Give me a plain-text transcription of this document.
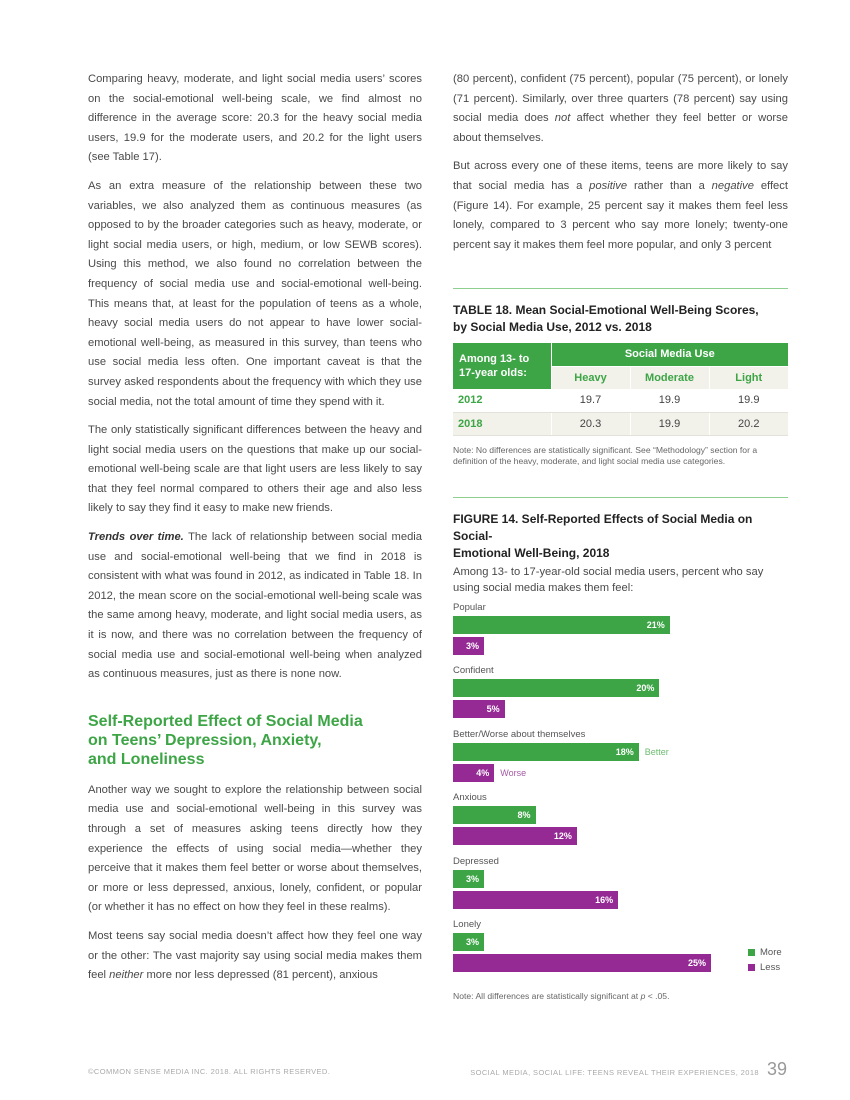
Comparing heavy, moderate, and light social media users’ scores on the social-emotional well-being scale, we find almost no difference in the average score: 20.3 for the heavy social media users, 19.9 for the moderate users, and 20.2 for the light users (see Table 17).

As an extra measure of the relationship between these two variables, we also analyzed them as continuous measures (as opposed to by the broader categories such as heavy, moderate, or light social media users, or high, medium, or low SEWB scores). Using this method, we also found no correlation between the frequency of social media use and social-emotional well-being. This means that, at least for the population of teens as a whole, heavy social media users do not appear to have lower social-emotional well-being, as measured in this survey, than teens who use social media less often. One important caveat is that the survey asked respondents about the frequency with which they use social media, not the total amount of time they spend with it.

The only statistically significant differences between the heavy and light social media users on the questions that make up our social-emotional well-being scale are that light users are less likely to say that they feel normal compared to others their age and also less likely to say they find it easy to make new friends.

Trends over time. The lack of relationship between social media use and social-emotional well-being that we find in 2018 is consistent with what was found in 2012, as indicated in Table 18. In 2012, the mean score on the social-emotional well-being scale was the same among heavy, moderate, and light social media users, as it is now, and there was no correlation between the frequency of social media use and social-emotional well-being when analyzed as continuous measures, just as there is none now.

Self-Reported Effect of Social Media
on Teens’ Depression, Anxiety,
and Loneliness

Another way we sought to explore the relationship between social media use and social-emotional well-being in this survey was through a set of measures asking teens directly how they experience the effects of using social media—whether they perceive that it makes them feel better or worse about themselves, or more or less depressed, anxious, lonely, confident, or popular (or whether it has no effect on how they feel in these realms).

Most teens say social media doesn’t affect how they feel one way or the other: The vast majority say using social media makes them feel neither more nor less depressed (81 percent), anxious

(80 percent), confident (75 percent), popular (75 percent), or lonely (71 percent). Similarly, over three quarters (78 percent) say using social media does not affect whether they feel better or worse about themselves.

But across every one of these items, teens are more likely to say that social media has a positive rather than a negative effect (Figure 14). For example, 25 percent say it makes them feel less lonely, compared to 3 percent who say more lonely; twenty-one percent say it makes them feel more popular, and only 3 percent

TABLE 18. Mean Social-Emotional Well-Being Scores,
by Social Media Use, 2012 vs. 2018
Among 13- to
17-year olds:	Social Media Use		
	Heavy	Moderate	Light
2012	19.7	19.9	19.9
2018	20.3	19.9	20.2

Note: No differences are statistically significant. See “Methodology” section for a definition of the heavy, moderate, and light social media use categories.

FIGURE 14. Self-Reported Effects of Social Media on Social-
Emotional Well-Being, 2018

Among 13- to 17-year-old social media users, percent who say using social media makes them feel:

Popular
21%
3%
Confident
20%
5%
Better/Worse about themselves
18% Better
4% Worse
Anxious
8%
12%
Depressed
3%
16%
Lonely
3%
25%
More
Less

Note: All differences are statistically significant at p < .05.

©COMMON SENSE MEDIA INC. 2018. ALL RIGHTS RESERVED.	SOCIAL MEDIA, SOCIAL LIFE: TEENS REVEAL THEIR EXPERIENCES, 2018 39
